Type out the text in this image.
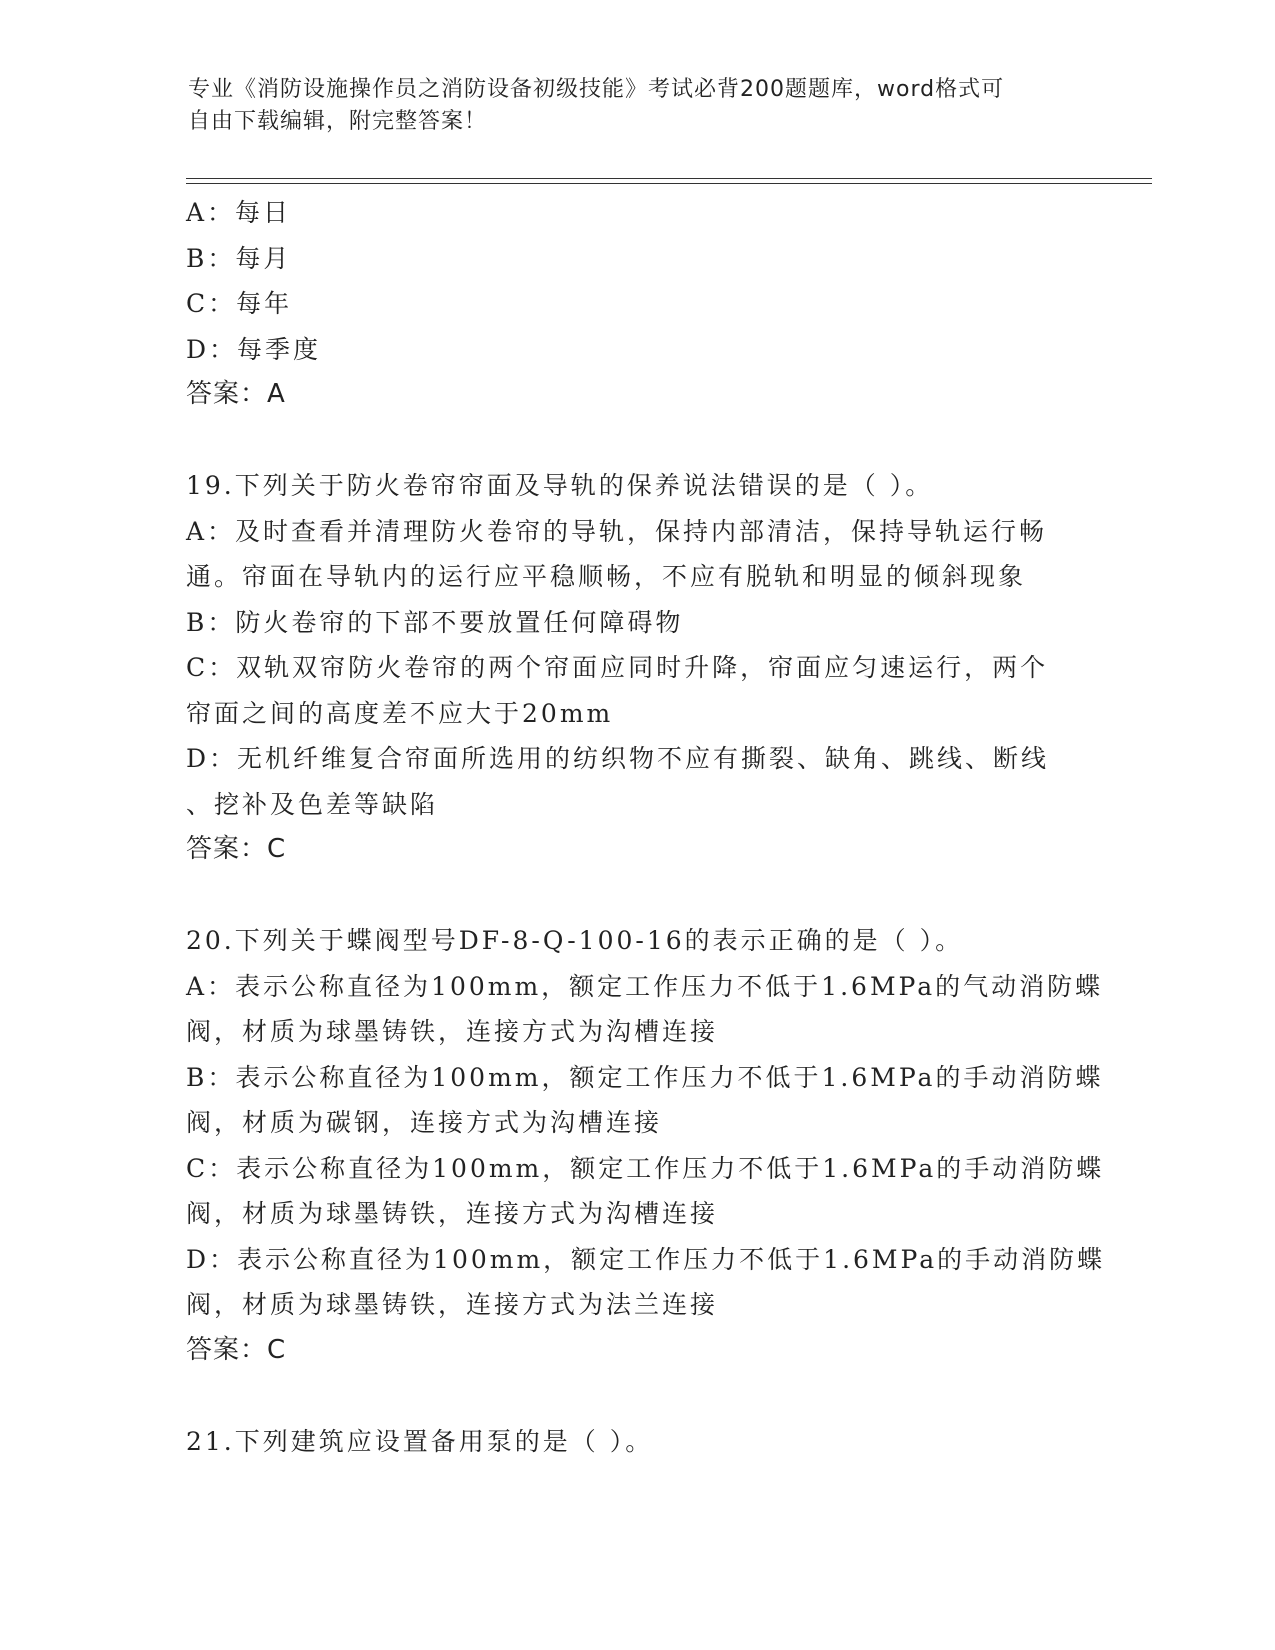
专业《消防设施操作员之消防设备初级技能》考试必背200题题库，word格式可
自由下载编辑，附完整答案！
A：每日
B：每月
C：每年
D：每季度
答案：A
19.下列关于防火卷帘帘面及导轨的保养说法错误的是（ ）。
A：及时查看并清理防火卷帘的导轨，保持内部清洁，保持导轨运行畅
通。帘面在导轨内的运行应平稳顺畅，不应有脱轨和明显的倾斜现象
B：防火卷帘的下部不要放置任何障碍物
C：双轨双帘防火卷帘的两个帘面应同时升降，帘面应匀速运行，两个
帘面之间的高度差不应大于20mm
D：无机纤维复合帘面所选用的纺织物不应有撕裂、缺角、跳线、断线
、挖补及色差等缺陷
答案：C
20.下列关于蝶阀型号DF-8-Q-100-16的表示正确的是（ ）。
A：表示公称直径为100mm，额定工作压力不低于1.6MPa的气动消防蝶
阀，材质为球墨铸铁，连接方式为沟槽连接
B：表示公称直径为100mm，额定工作压力不低于1.6MPa的手动消防蝶
阀，材质为碳钢，连接方式为沟槽连接
C：表示公称直径为100mm，额定工作压力不低于1.6MPa的手动消防蝶
阀，材质为球墨铸铁，连接方式为沟槽连接
D：表示公称直径为100mm，额定工作压力不低于1.6MPa的手动消防蝶
阀，材质为球墨铸铁，连接方式为法兰连接
答案：C
21.下列建筑应设置备用泵的是（ ）。
